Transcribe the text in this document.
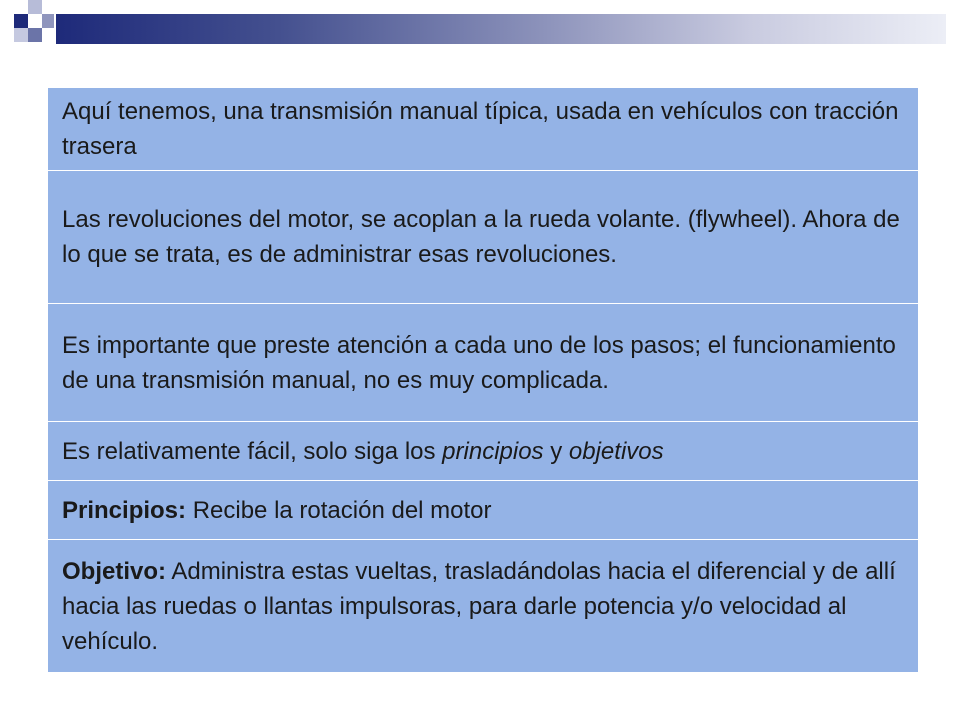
Aquí tenemos, una transmisión manual típica, usada en vehículos con tracción trasera
Las revoluciones del motor, se acoplan a la rueda volante. (flywheel). Ahora de lo que se trata, es de administrar esas revoluciones.
Es importante que preste atención a cada uno de los pasos; el funcionamiento de una transmisión manual, no es muy complicada.
Es relativamente fácil, solo siga los principios y objetivos
Principios: Recibe la rotación del motor
Objetivo: Administra estas vueltas, trasladándolas hacia el diferencial y de allí hacia las ruedas o llantas impulsoras, para darle potencia y/o velocidad al vehículo.
